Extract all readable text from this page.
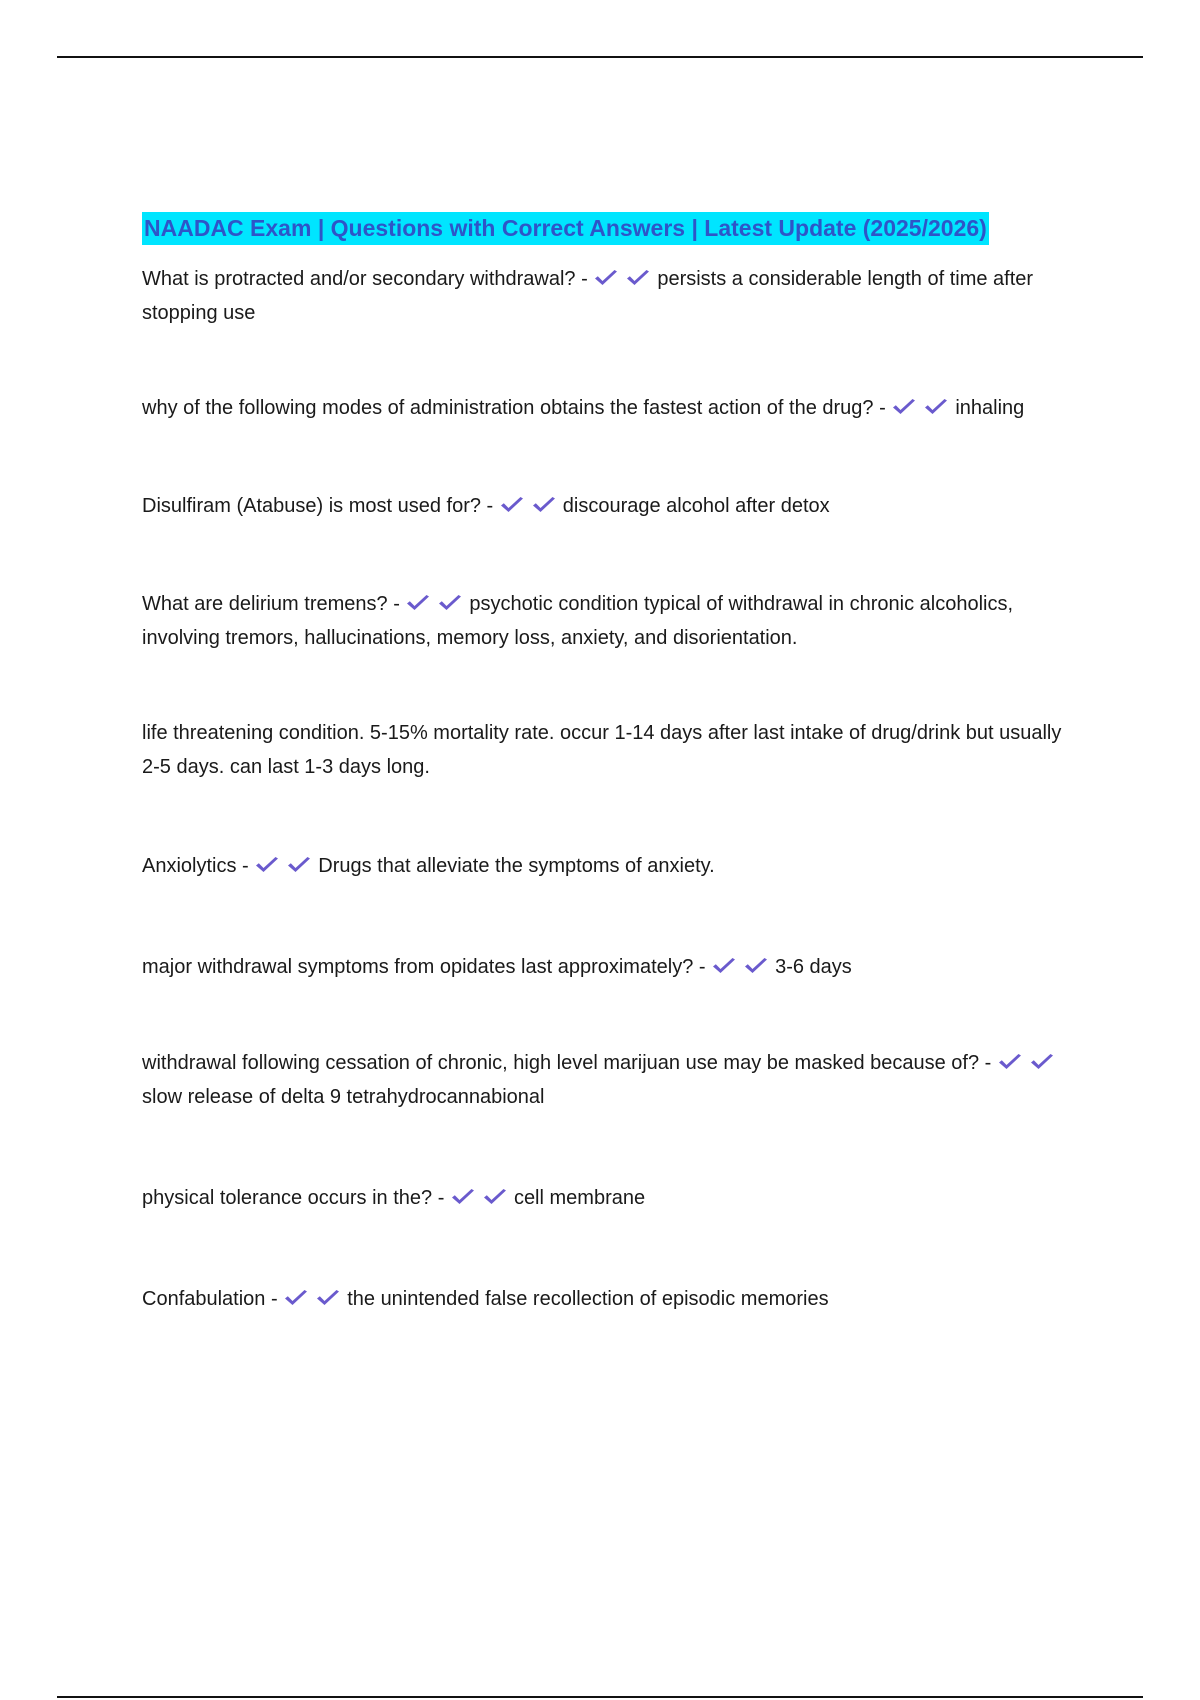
NAADAC Exam | Questions with Correct Answers | Latest Update (2025/2026)
What is protracted and/or secondary withdrawal? -	persists a considerable length of time after stopping use
why of the following modes of administration obtains the fastest action of the drug? -	inhaling
Disulfiram (Atabuse) is most used for? -	discourage alcohol after detox
What are delirium tremens? -	psychotic condition typical of withdrawal in chronic alcoholics, involving tremors, hallucinations, memory loss, anxiety, and disorientation.
life threatening condition. 5-15% mortality rate. occur 1-14 days after last intake of drug/drink but usually 2-5 days. can last 1-3 days long.
Anxiolytics -	Drugs that alleviate the symptoms of anxiety.
major withdrawal symptoms from opidates last approximately? -	3-6 days
withdrawal following cessation of chronic, high level marijuan use may be masked because of? -
slow release of delta 9 tetrahydrocannabional
physical tolerance occurs in the? -	cell membrane
Confabulation -	the unintended false recollection of episodic memories
